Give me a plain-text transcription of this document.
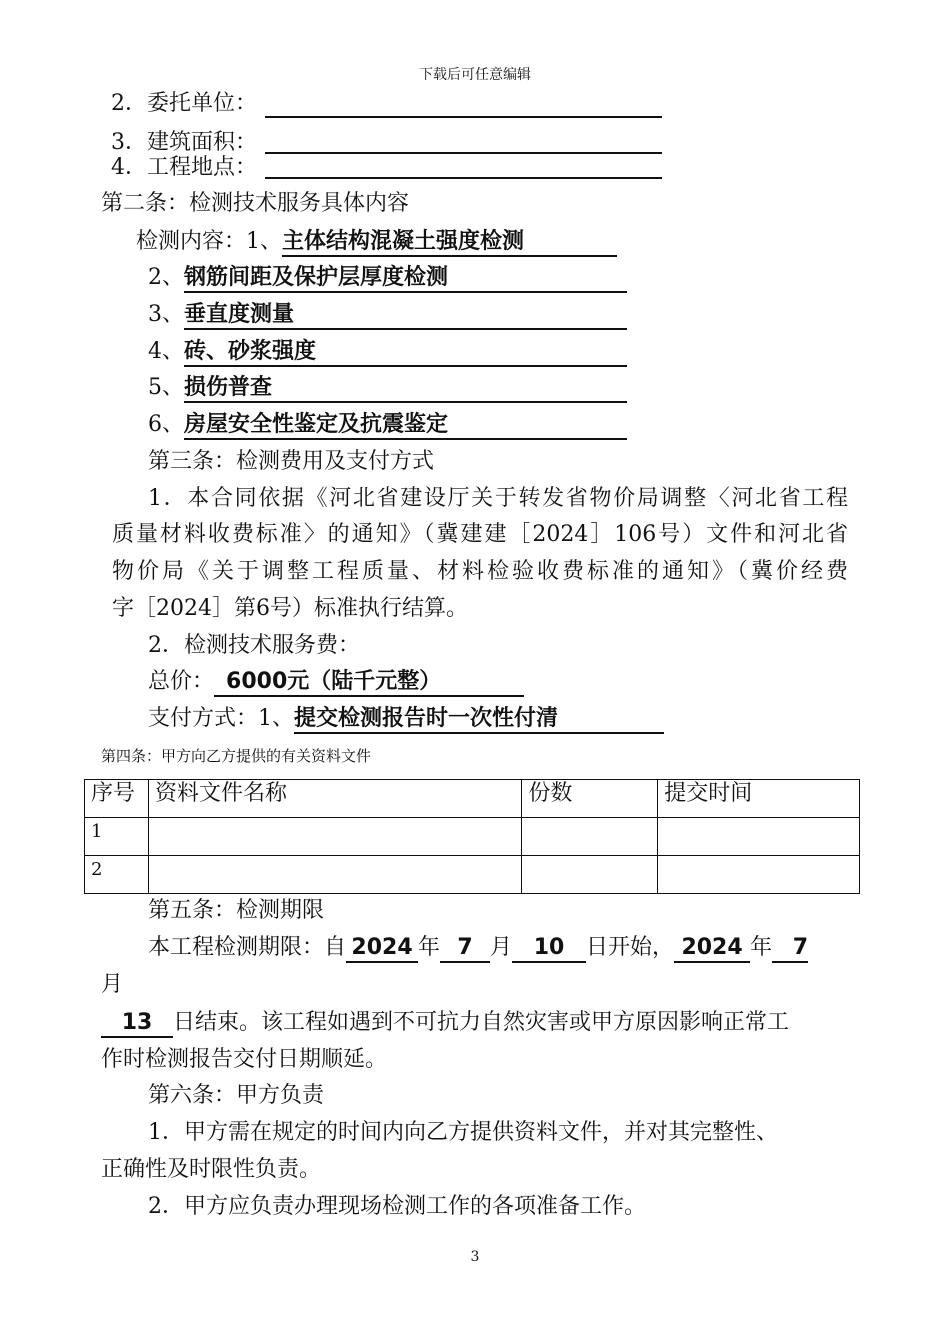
下载后可任意编辑
2．委托单位：
3．建筑面积：
4．工程地点：
第二条：检测技术服务具体内容
检测内容：1、主体结构混凝土强度检测
2、钢筋间距及保护层厚度检测
3、垂直度测量
4、砖、砂浆强度
5、损伤普查
6、房屋安全性鉴定及抗震鉴定
第三条：检测费用及支付方式
1．本合同依据《河北省建设厅关于转发省物价局调整〈河北省工程
质量材料收费标准〉的通知》（冀建建［2024］106号）文件和河北省
物价局《关于调整工程质量、材料检验收费标准的通知》（冀价经费
字［2024］第6号）标准执行结算。
2．检测技术服务费：
总价： 6000元（陆千元整）
支付方式：1、提交检测报告时一次性付清
第四条：甲方向乙方提供的有关资料文件
序号	资料文件名称	份数	提交时间
1			
2			
第五条：检测期限
本工程检测期限：自 2024 年 7 月 10 日开始， 2024 年 7
月
13 日结束。该工程如遇到不可抗力自然灾害或甲方原因影响正常工
作时检测报告交付日期顺延。
第六条：甲方负责
1．甲方需在规定的时间内向乙方提供资料文件，并对其完整性、
正确性及时限性负责。
2．甲方应负责办理现场检测工作的各项准备工作。
3
